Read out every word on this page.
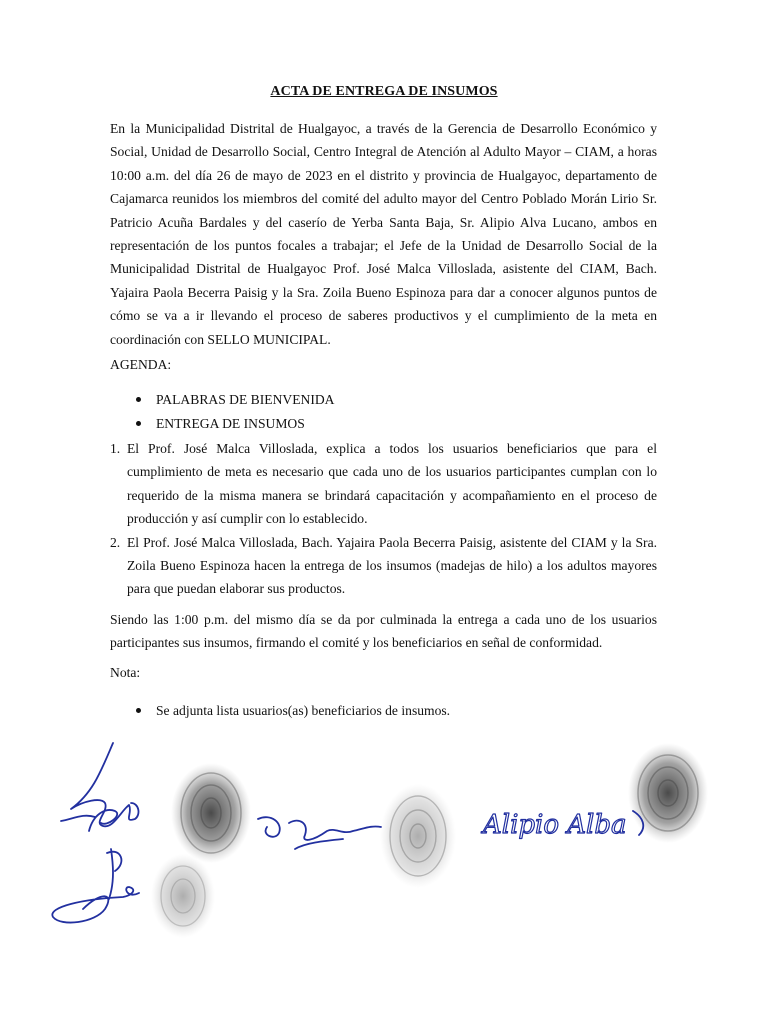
ACTA DE ENTREGA DE INSUMOS

En la Municipalidad Distrital de Hualgayoc, a través de la Gerencia de Desarrollo Económico y Social, Unidad de Desarrollo Social, Centro Integral de Atención al Adulto Mayor – CIAM, a horas 10:00 a.m. del día 26 de mayo de 2023 en el distrito y provincia de Hualgayoc, departamento de Cajamarca reunidos los miembros del comité del adulto mayor del Centro Poblado Morán Lirio Sr. Patricio Acuña Bardales y del caserío de Yerba Santa Baja, Sr. Alipio Alva Lucano, ambos en representación de los puntos focales a trabajar; el Jefe de la Unidad de Desarrollo Social de la Municipalidad Distrital de Hualgayoc Prof. José Malca Villoslada, asistente del CIAM, Bach. Yajaira Paola Becerra Paisig y la Sra. Zoila Bueno Espinoza para dar a conocer algunos puntos de cómo se va a ir llevando el proceso de saberes productivos y el cumplimiento de la meta en coordinación con SELLO MUNICIPAL.

AGENDA:

PALABRAS DE BIENVENIDA
ENTREGA DE INSUMOS
1. El Prof. José Malca Villoslada, explica a todos los usuarios beneficiarios que para el cumplimiento de meta es necesario que cada uno de los usuarios participantes cumplan con lo requerido de la misma manera se brindará capacitación y acompañamiento en el proceso de producción y así cumplir con lo establecido.
2. El Prof. José Malca Villoslada, Bach. Yajaira Paola Becerra Paisig, asistente del CIAM y la Sra. Zoila Bueno Espinoza hacen la entrega de los insumos (madejas de hilo) a los adultos mayores para que puedan elaborar sus productos.

Siendo las 1:00 p.m. del mismo día se da por culminada la entrega a cada uno de los usuarios participantes sus insumos, firmando el comité y los beneficiarios en señal de conformidad.

Nota:

Se adjunta lista usuarios(as) beneficiarios de insumos.
Alipio Alba
